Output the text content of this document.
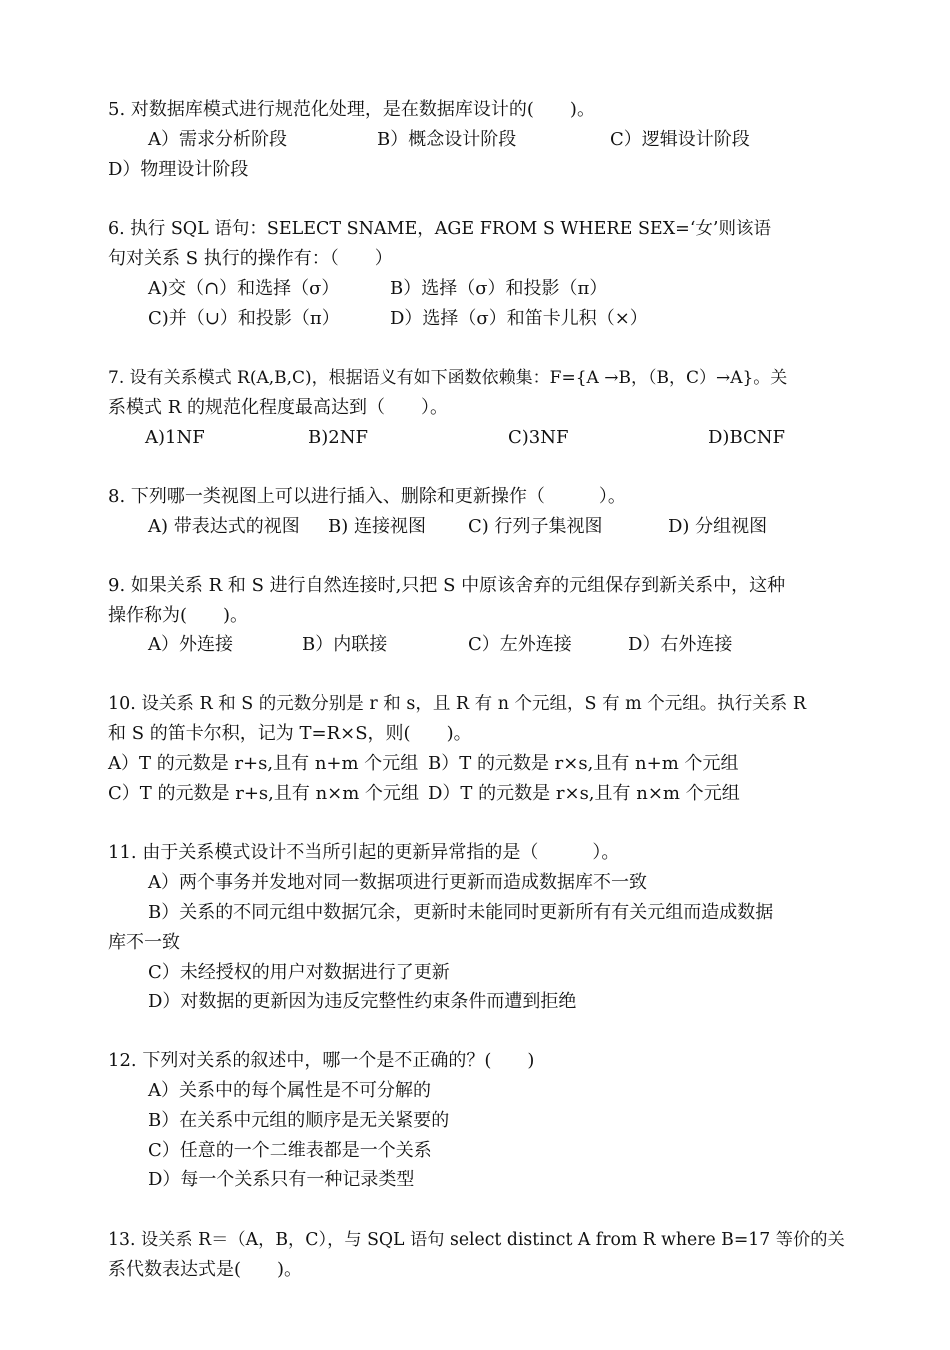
5. 对数据库模式进行规范化处理，是在数据库设计的(　　)。
A）需求分析阶段	B）概念设计阶段	C）逻辑设计阶段
D）物理设计阶段
6. 执行 SQL 语句：SELECT SNAME，AGE FROM S WHERE SEX=‘女’则该语
句对关系 S 执行的操作有：（　　）
A)交（∩）和选择（σ）	B）选择（σ）和投影（π）
C)并（∪）和投影（π）	D）选择（σ）和笛卡儿积（×）
7. 设有关系模式 R(A,B,C)，根据语义有如下函数依赖集：F={A →B，（B，C）→A}。关
系模式 R 的规范化程度最高达到（　　）。
A)1NF	B)2NF	C)3NF	D)BCNF
8. 下列哪一类视图上可以进行插入、删除和更新操作（　　　）。
A) 带表达式的视图 B) 连接视图 C) 行列子集视图	D) 分组视图
9. 如果关系 R 和 S 进行自然连接时,只把 S 中原该舍弃的元组保存到新关系中，这种
操作称为(　　)。
A）外连接	B）内联接	C）左外连接	D）右外连接
10. 设关系 R 和 S 的元数分别是 r 和 s，且 R 有 n 个元组，S 有 m 个元组。执行关系 R
和 S 的笛卡尔积，记为 T=R×S，则(　　)。
A）T 的元数是 r+s,且有 n+m 个元组 B）T 的元数是 r×s,且有 n+m 个元组
C）T 的元数是 r+s,且有 n×m 个元组 D）T 的元数是 r×s,且有 n×m 个元组
11. 由于关系模式设计不当所引起的更新异常指的是（　　　）。
A）两个事务并发地对同一数据项进行更新而造成数据库不一致
B）关系的不同元组中数据冗余，更新时未能同时更新所有有关元组而造成数据
库不一致
C）未经授权的用户对数据进行了更新
D）对数据的更新因为违反完整性约束条件而遭到拒绝
12. 下列对关系的叙述中，哪一个是不正确的？(　　)
A）关系中的每个属性是不可分解的
B）在关系中元组的顺序是无关紧要的
C）任意的一个二维表都是一个关系
D）每一个关系只有一种记录类型
13. 设关系 R＝（A，B，C），与 SQL 语句 select distinct A from R where B=17 等价的关
系代数表达式是(　　)。
